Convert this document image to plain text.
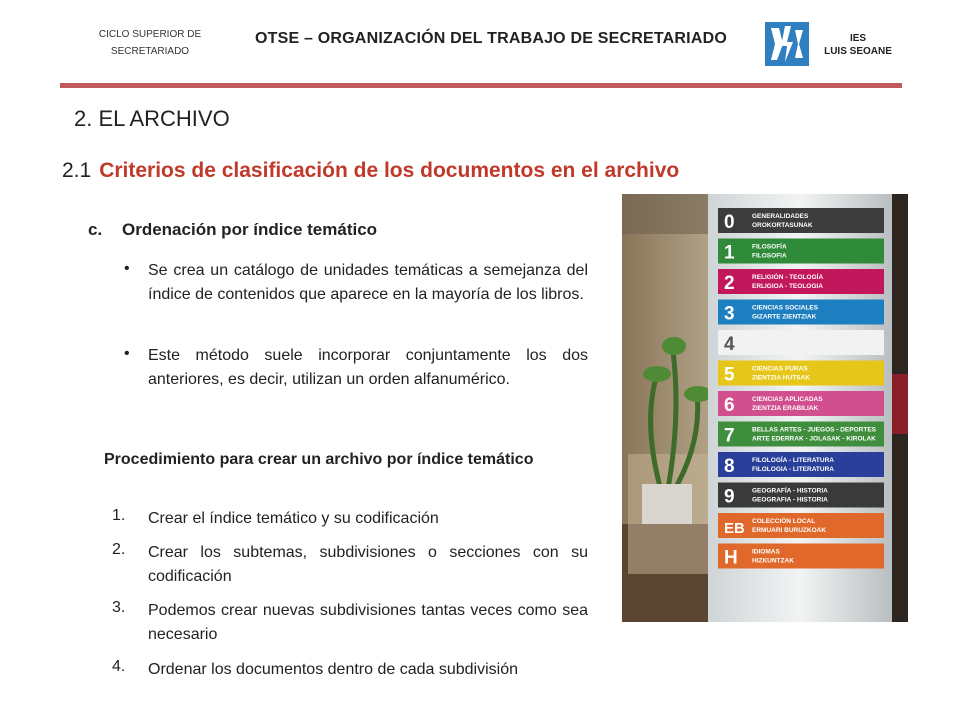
CICLO SUPERIOR DE
SECRETARIADO
OTSE – ORGANIZACIÓN DEL TRABAJO DE SECRETARIADO	IES
LUIS SEOANE
2. EL ARCHIVO
2.1 Criterios de clasificación de los documentos en el archivo
c. Ordenación por índice temático
• Se crea un catálogo de unidades temáticas a semejanza del índice de contenidos que aparece en la mayoría de los libros.
• Este método suele incorporar conjuntamente los dos anteriores, es decir, utilizan un orden alfanumérico.
Procedimiento para crear un archivo por índice temático
1. Crear el índice temático y su codificación
2. Crear los subtemas, subdivisiones o secciones con su codificación
3. Podemos crear nuevas subdivisiones tantas veces como sea necesario
4. Ordenar los documentos dentro de cada subdivisión
0	GENERALIDADES
OROKORTASUNAK
1	FILOSOFÍA
FILOSOFIA
2	RELIGIÓN - TEOLOGÍA
ERLIGIOA - TEOLOGIA
3	CIENCIAS SOCIALES
GIZARTE ZIENTZIAK
4
5	CIENCIAS PURAS
ZIENTZIA HUTSAK
6	CIENCIAS APLICADAS
ZIENTZIA ERABILIAK
7	BELLAS ARTES - JUEGOS - DEPORTES
ARTE EDERRAK - JOLASAK - KIROLAK
8	FILOLOGÍA - LITERATURA
FILOLOGIA - LITERATURA
9	GEOGRAFÍA - HISTORIA
GEOGRAFIA - HISTORIA
EB COLECCIÓN LOCAL
ERMUARI BURUZKOAK
H IDIOMAS
HIZKUNTZAK
